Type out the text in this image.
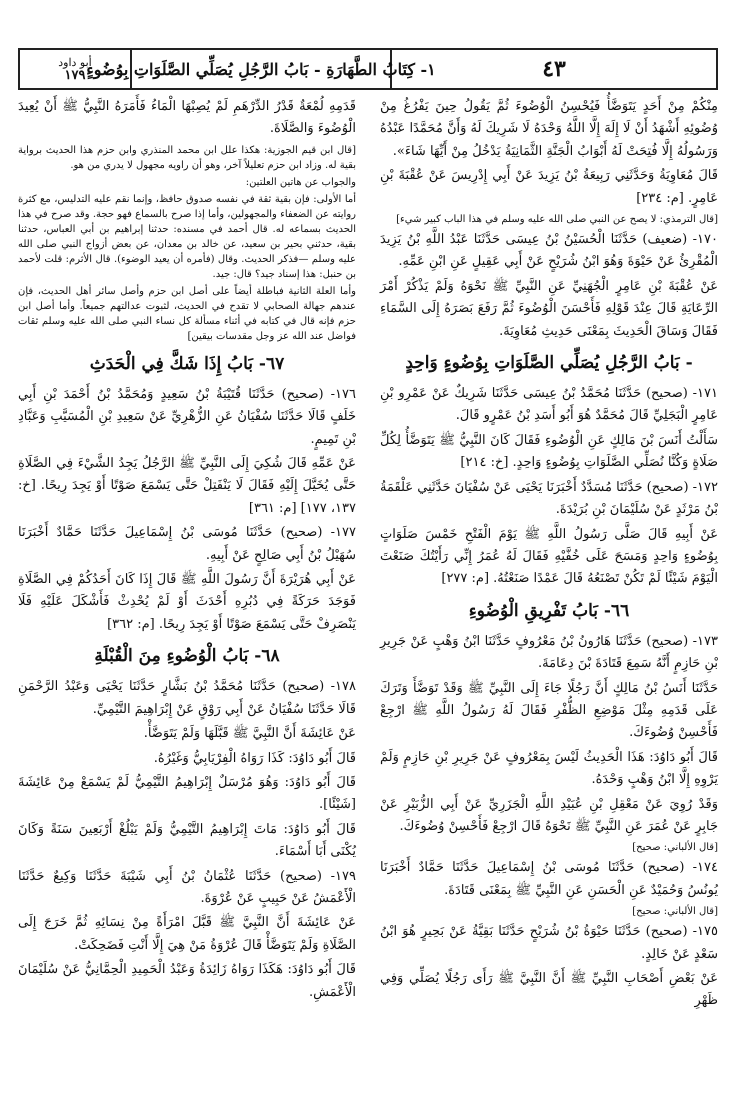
٤٣
١- كِتَابُ الطَّهَارَةِ - بَابُ الرَّجُلِ يُصَلِّي الصَّلَوَاتِ بِوُضُوءٍ
أبو داود
١٧٩

مِنْكُمْ مِنْ أَحَدٍ يَتَوَضَّأُ فَيُحْسِنُ الْوُضُوءَ ثُمَّ يَقُولُ حِينَ يَفْرُغُ مِنْ وُضُوئِهِ أَشْهَدُ أَنْ لَا إِلَهَ إِلَّا اللَّهُ وَحْدَهُ لَا شَرِيكَ لَهُ وَأَنَّ مُحَمَّدًا عَبْدُهُ وَرَسُولُهُ إِلَّا فُتِحَتْ لَهُ أَبْوَابُ الْجَنَّةِ الثَّمَانِيَةُ يَدْخُلُ مِنْ أَيِّهَا شَاءَ».

قَالَ مُعَاوِيَةُ وَحَدَّثَنِي رَبِيعَةُ بْنُ يَزِيدَ عَنْ أَبِي إِدْرِيسَ عَنْ عُقْبَةَ بْنِ عَامِرٍ. [م: ٢٣٤]

[قال الترمذي: لا يصح عن النبي صلى الله عليه وسلم في هذا الباب كبير شيء]

١٧٠- (ضعيف) حَدَّثَنَا الْحُسَيْنُ بْنُ عِيسَى حَدَّثَنَا عَبْدُ اللَّهِ بْنُ يَزِيدَ الْمُقْرِئُ عَنْ حَيْوَةَ وَهُوَ ابْنُ شُرَيْحٍ عَنْ أَبِي عَقِيلٍ عَنِ ابْنِ عَمِّهِ.

عَنْ عُقْبَةَ بْنِ عَامِرٍ الْجُهَنِيِّ عَنِ النَّبِيِّ ﷺ نَحْوَهُ وَلَمْ يَذْكُرْ أَمْرَ الرِّعَايَةِ قَالَ عِنْدَ قَوْلِهِ فَأَحْسَنَ الْوُضُوءَ ثُمَّ رَفَعَ بَصَرَهُ إِلَى السَّمَاءِ فَقَالَ وَسَاقَ الْحَدِيثَ بِمَعْنَى حَدِيثِ مُعَاوِيَةَ.

- بَابُ الرَّجُلِ يُصَلِّي الصَّلَوَاتِ بِوُضُوءٍ وَاحِدٍ

١٧١- (صحيح) حَدَّثَنَا مُحَمَّدُ بْنُ عِيسَى حَدَّثَنَا شَرِيكٌ عَنْ عَمْرِو بْنِ عَامِرٍ الْبَجَلِيِّ قَالَ مُحَمَّدٌ هُوَ أَبُو أَسَدِ بْنُ عَمْرٍو قَالَ.

سَأَلْتُ أَنَسَ بْنَ مَالِكٍ عَنِ الْوُضُوءِ فَقَالَ كَانَ النَّبِيُّ ﷺ يَتَوَضَّأُ لِكُلِّ صَلَاةٍ وَكُنَّا نُصَلِّي الصَّلَوَاتِ بِوُضُوءٍ وَاحِدٍ. [خ: ٢١٤]

١٧٢- (صحيح) حَدَّثَنَا مُسَدَّدٌ أَخْبَرَنَا يَحْيَى عَنْ سُفْيَانَ حَدَّثَنِي عَلْقَمَةُ بْنُ مَرْثَدٍ عَنْ سُلَيْمَانَ بْنِ بُرَيْدَةَ.

عَنْ أَبِيهِ قَالَ صَلَّى رَسُولُ اللَّهِ ﷺ يَوْمَ الْفَتْحِ خَمْسَ صَلَوَاتٍ بِوُضُوءٍ وَاحِدٍ وَمَسَحَ عَلَى خُفَّيْهِ فَقَالَ لَهُ عُمَرُ إِنِّي رَأَيْتُكَ صَنَعْتَ الْيَوْمَ شَيْئًا لَمْ تَكُنْ تَصْنَعُهُ قَالَ عَمْدًا صَنَعْتُهُ. [م: ٢٧٧]

٦٦- بَابُ تَفْرِيقِ الْوُضُوءِ

١٧٣- (صحيح) حَدَّثَنَا هَارُونُ بْنُ مَعْرُوفٍ حَدَّثَنَا ابْنُ وَهْبٍ عَنْ جَرِيرِ بْنِ حَازِمٍ أَنَّهُ سَمِعَ قَتَادَةَ بْنَ دِعَامَةَ.

حَدَّثَنَا أَنَسُ بْنُ مَالِكٍ أَنَّ رَجُلًا جَاءَ إِلَى النَّبِيِّ ﷺ وَقَدْ تَوَضَّأَ وَتَرَكَ عَلَى قَدَمِهِ مِثْلَ مَوْضِعِ الظُّفْرِ فَقَالَ لَهُ رَسُولُ اللَّهِ ﷺ ارْجِعْ فَأَحْسِنْ وُضُوءَكَ.

قَالَ أَبُو دَاوُدَ: هَذَا الْحَدِيثُ لَيْسَ بِمَعْرُوفٍ عَنْ جَرِيرِ بْنِ حَازِمٍ وَلَمْ يَرْوِهِ إِلَّا ابْنُ وَهْبٍ وَحْدَهُ.

وَقَدْ رُوِيَ عَنْ مَعْقِلِ بْنِ عُبَيْدِ اللَّهِ الْجَزَرِيِّ عَنْ أَبِي الزُّبَيْرِ عَنْ جَابِرٍ عَنْ عُمَرَ عَنِ النَّبِيِّ ﷺ نَحْوَهُ قَالَ ارْجِعْ فَأَحْسِنْ وُضُوءَكَ.

[قال الألباني: صحيح]

١٧٤- (صحيح) حَدَّثَنَا مُوسَى بْنُ إِسْمَاعِيلَ حَدَّثَنَا حَمَّادٌ أَخْبَرَنَا يُونُسُ وَحُمَيْدٌ عَنِ الْحَسَنِ عَنِ النَّبِيِّ ﷺ بِمَعْنَى قَتَادَةَ.

[قال الألباني: صحيح]

١٧٥- (صحيح) حَدَّثَنَا حَيْوَةُ بْنُ شُرَيْحٍ حَدَّثَنَا بَقِيَّةُ عَنْ بَحِيرٍ هُوَ ابْنُ سَعْدٍ عَنْ خَالِدٍ.

عَنْ بَعْضِ أَصْحَابِ النَّبِيِّ ﷺ أَنَّ النَّبِيَّ ﷺ رَأَى رَجُلًا يُصَلِّي وَفِي ظَهْرِ

قَدَمِهِ لُمْعَةٌ قَدْرُ الدِّرْهَمِ لَمْ يُصِبْهَا الْمَاءُ فَأَمَرَهُ النَّبِيُّ ﷺ أَنْ يُعِيدَ الْوُضُوءَ وَالصَّلَاةَ.

[قال ابن قيم الجوزية: هكذا علل ابن محمد المنذري وابن حزم هذا الحديث برواية بقية له. وزاد ابن حزم تعليلاً آخر، وهو أن راويه مجهول لا يدري من هو.

والجواب عن هاتين العلتين:

أما الأولى: فإن بقية ثقة في نفسه صدوق حافظ، وإنما نقم عليه التدليس، مع كثرة روايته عن الضعفاء والمجهولين، وأما إذا صرح بالسماع فهو حجة. وقد صرح في هذا الحديث بسماعه له. قال أحمد في مسنده: حدثنا إبراهيم بن أبي العباس، حدثنا بقية، حدثني بحير بن سعيد، عن خالد بن معدان، عن بعض أزواج النبي صلى الله عليه وسلم —فذكر الحديث. وقال (فأمره أن يعيد الوضوء). قال الأثرم: قلت لأحمد بن حنبل: هذا إسناد جيد؟ قال: جيد.

وأما العلة الثانية فباطلة أيضاً على أصل ابن حزم وأصل سائر أهل الحديث، فإن عندهم جهالة الصحابي لا تقدح في الحديث، لثبوت عدالتهم جميعاً. وأما أصل ابن حزم فإنه قال في كتابه في أثناء مسألة كل نساء النبي صلى الله عليه وسلم ثقات فواضل عند الله عز وجل مقدسات بيقين]

٦٧- بَابُ إِذَا شَكَّ فِي الْحَدَثِ

١٧٦- (صحيح) حَدَّثَنَا قُتَيْبَةُ بْنُ سَعِيدٍ وَمُحَمَّدُ بْنُ أَحْمَدَ بْنِ أَبِي خَلَفٍ قَالَا حَدَّثَنَا سُفْيَانُ عَنِ الزُّهْرِيِّ عَنْ سَعِيدِ بْنِ الْمُسَيَّبِ وَعَبَّادِ بْنِ تَمِيمٍ.

عَنْ عَمِّهِ قَالَ شُكِيَ إِلَى النَّبِيِّ ﷺ الرَّجُلُ يَجِدُ الشَّيْءَ فِي الصَّلَاةِ حَتَّى يُخَيَّلَ إِلَيْهِ فَقَالَ لَا يَنْفَتِلْ حَتَّى يَسْمَعَ صَوْتًا أَوْ يَجِدَ رِيحًا. [خ: ١٣٧، ١٧٧] [م: ٣٦١]

١٧٧- (صحيح) حَدَّثَنَا مُوسَى بْنُ إِسْمَاعِيلَ حَدَّثَنَا حَمَّادٌ أَخْبَرَنَا سُهَيْلُ بْنُ أَبِي صَالِحٍ عَنْ أَبِيهِ.

عَنْ أَبِي هُرَيْرَةَ أَنَّ رَسُولَ اللَّهِ ﷺ قَالَ إِذَا كَانَ أَحَدُكُمْ فِي الصَّلَاةِ فَوَجَدَ حَرَكَةً فِي دُبُرِهِ أَحْدَثَ أَوْ لَمْ يُحْدِثْ فَأَشْكَلَ عَلَيْهِ فَلَا يَنْصَرِفْ حَتَّى يَسْمَعَ صَوْتًا أَوْ يَجِدَ رِيحًا. [م: ٣٦٢]

٦٨- بَابُ الْوُضُوءِ مِنَ الْقُبْلَةِ

١٧٨- (صحيح) حَدَّثَنَا مُحَمَّدُ بْنُ بَشَّارٍ حَدَّثَنَا يَحْيَى وَعَبْدُ الرَّحْمَنِ قَالَا حَدَّثَنَا سُفْيَانُ عَنْ أَبِي رَوْقٍ عَنْ إِبْرَاهِيمَ التَّيْمِيِّ.

عَنْ عَائِشَةَ أَنَّ النَّبِيَّ ﷺ قَبَّلَهَا وَلَمْ يَتَوَضَّأْ.

قَالَ أَبُو دَاوُدَ: كَذَا رَوَاهُ الْفِرْيَابِيُّ وَغَيْرُهُ.

قَالَ أَبُو دَاوُدَ: وَهُوَ مُرْسَلٌ إِبْرَاهِيمُ التَّيْمِيُّ لَمْ يَسْمَعْ مِنْ عَائِشَةَ [شَيْئًا].

قَالَ أَبُو دَاوُدَ: مَاتَ إِبْرَاهِيمُ التَّيْمِيُّ وَلَمْ يَبْلُغْ أَرْبَعِينَ سَنَةً وَكَانَ يُكْنَى أَبَا أَسْمَاءَ.

١٧٩- (صحيح) حَدَّثَنَا عُثْمَانُ بْنُ أَبِي شَيْبَةَ حَدَّثَنَا وَكِيعٌ حَدَّثَنَا الْأَعْمَشُ عَنْ حَبِيبٍ عَنْ عُرْوَةَ.

عَنْ عَائِشَةَ أَنَّ النَّبِيَّ ﷺ قَبَّلَ امْرَأَةً مِنْ نِسَائِهِ ثُمَّ خَرَجَ إِلَى الصَّلَاةِ وَلَمْ يَتَوَضَّأْ قَالَ عُرْوَةُ مَنْ هِيَ إِلَّا أَنْتِ فَضَحِكَتْ.

قَالَ أَبُو دَاوُدَ: هَكَذَا رَوَاهُ زَائِدَةُ وَعَبْدُ الْحَمِيدِ الْحِمَّانِيُّ عَنْ سُلَيْمَانَ الْأَعْمَشِ.
